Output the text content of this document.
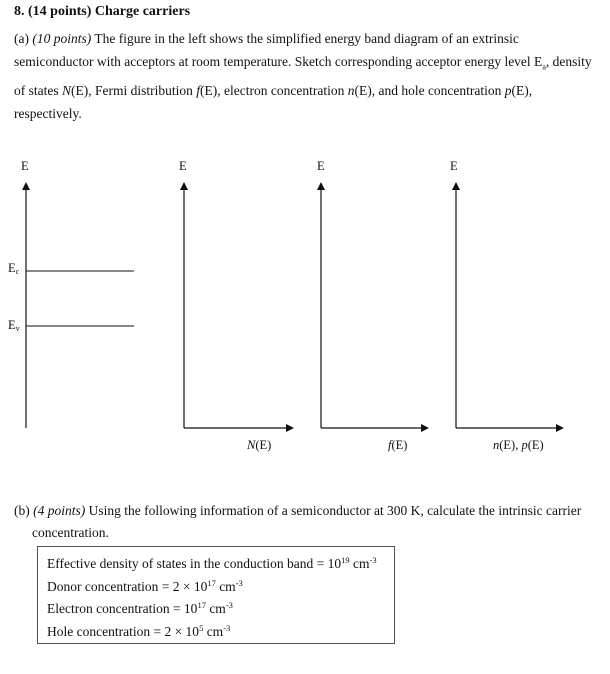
8. (14 points) Charge carriers
(a) (10 points) The figure in the left shows the simplified energy band diagram of an extrinsic semiconductor with acceptors at room temperature. Sketch corresponding acceptor energy level $E_a$, density of states N(E), Fermi distribution f(E), electron concentration n(E), and hole concentration p(E), respectively.
E
Ec
Ev
E
N(E)
E
f(E)
E
n(E), p(E)
(b) (4 points) Using the following information of a semiconductor at 300 K, calculate the intrinsic carrier
concentration.
Effective density of states in the conduction band = $10^{19}$ $cm^{-3}$
Donor concentration = $2 \times 10^{17}$ $cm^{-3}$
Electron concentration = $10^{17}$ $cm^{-3}$
Hole concentration = $2 \times 10^5$ $cm^{-3}$
